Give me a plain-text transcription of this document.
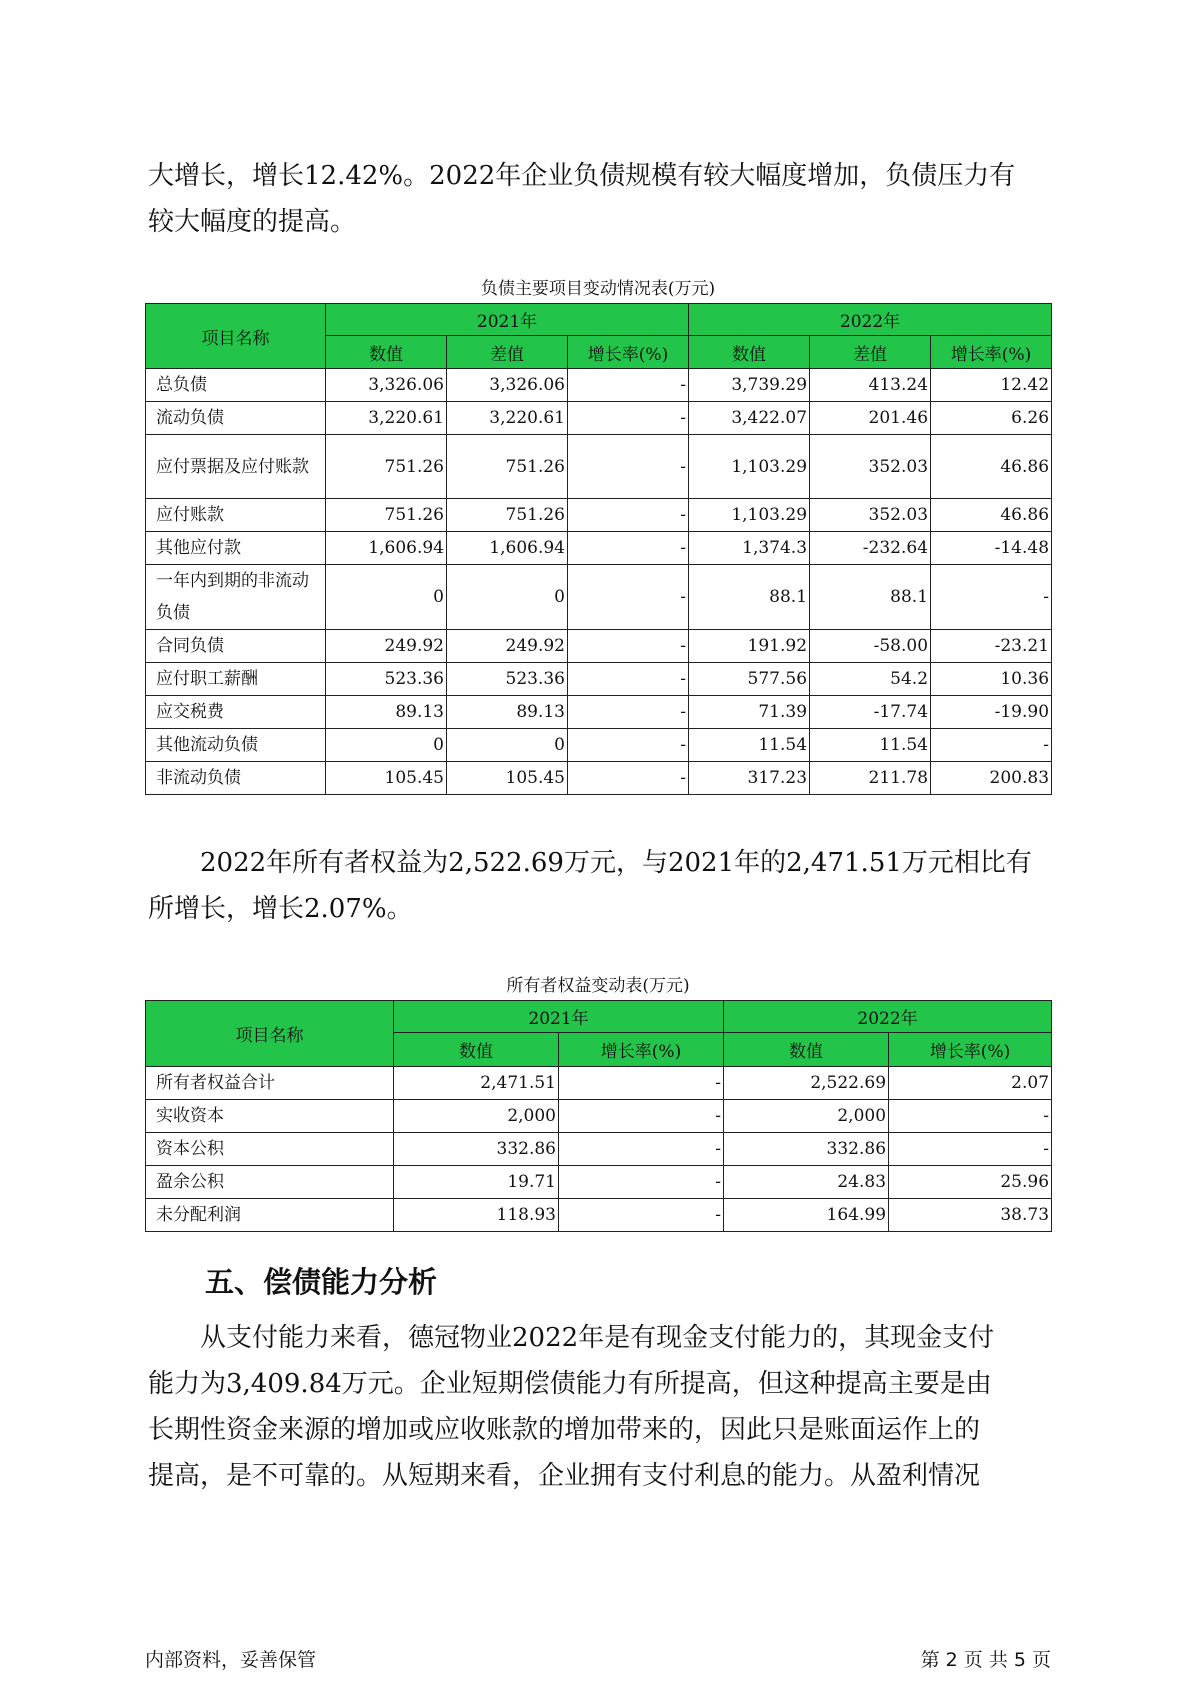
大增长，增长12.42%。2022年企业负债规模有较大幅度增加，负债压力有
较大幅度的提高。
负债主要项目变动情况表(万元)
项目名称	2021年			2022年		
	数值	差值	增长率(%)	数值	差值	增长率(%)
总负债	3,326.06	3,326.06	-	3,739.29	413.24	12.42
流动负债	3,220.61	3,220.61	-	3,422.07	201.46	6.26
应付票据及应付账款	751.26	751.26	-	1,103.29	352.03	46.86
应付账款	751.26	751.26	-	1,103.29	352.03	46.86
其他应付款	1,606.94	1,606.94	-	1,374.3	-232.64	-14.48
一年内到期的非流动负债	0	0	-	88.1	88.1	-
合同负债	249.92	249.92	-	191.92	-58.00	-23.21
应付职工薪酬	523.36	523.36	-	577.56	54.2	10.36
应交税费	89.13	89.13	-	71.39	-17.74	-19.90
其他流动负债	0	0	-	11.54	11.54	-
非流动负债	105.45	105.45	-	317.23	211.78	200.83
2022年所有者权益为2,522.69万元，与2021年的2,471.51万元相比有
所增长，增长2.07%。
所有者权益变动表(万元)
项目名称	2021年		2022年	
	数值	增长率(%)	数值	增长率(%)
所有者权益合计	2,471.51	-	2,522.69	2.07
实收资本	2,000	-	2,000	-
资本公积	332.86	-	332.86	-
盈余公积	19.71	-	24.83	25.96
未分配利润	118.93	-	164.99	38.73
五、偿债能力分析
从支付能力来看，德冠物业2022年是有现金支付能力的，其现金支付
能力为3,409.84万元。企业短期偿债能力有所提高，但这种提高主要是由
长期性资金来源的增加或应收账款的增加带来的，因此只是账面运作上的
提高，是不可靠的。从短期来看，企业拥有支付利息的能力。从盈利情况
内部资料，妥善保管	第 2 页 共 5 页
